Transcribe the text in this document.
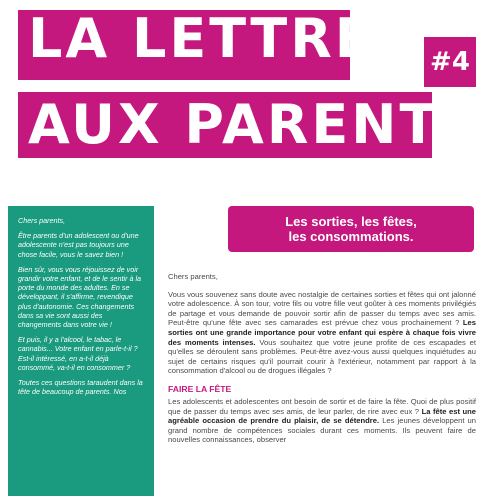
LA LETTRE
AUX PARENTS
#4

Chers parents,

Être parents d'un adolescent ou d'une adolescente n'est pas toujours une chose facile, vous le savez bien !

Bien sûr, vous vous réjouissez de voir grandir votre enfant, et de le sentir à la porte du monde des adultes. En se développant, il s'affirme, revendique plus d'autonomie. Ces changements dans sa vie sont aussi des changements dans votre vie !

Et puis, il y a l'alcool, le tabac, le cannabis... Votre enfant en parle-t-il ? Est-il intéressé, en a-t-il déjà consommé, va-t-il en consommer ?

Toutes ces questions taraudent dans la tête de beaucoup de parents. Nos

Les sorties, les fêtes,
les consommations.

Chers parents,

Vous vous souvenez sans doute avec nostalgie de certaines sorties et fêtes qui ont jalonné votre adolescence. À son tour, votre fils ou votre fille veut goûter à ces moments privilégiés de partage et vous demande de pouvoir sortir afin de passer du temps avec ses amis. Peut-être qu'une fête avec ses camarades est prévue chez vous prochainement ? Les sorties ont une grande importance pour votre enfant qui espère à chaque fois vivre des moments intenses. Vous souhaitez que votre jeune profite de ces escapades et qu'elles se déroulent sans problèmes. Peut-être avez-vous aussi quelques inquiétudes au sujet de certains risques qu'il pourrait courir à l'extérieur, notamment par rapport à la consommation d'alcool ou de drogues illégales ?

FAIRE LA FÊTE

Les adolescents et adolescentes ont besoin de sortir et de faire la fête. Quoi de plus positif que de passer du temps avec ses amis, de leur parler, de rire avec eux ? La fête est une agréable occasion de prendre du plaisir, de se détendre. Les jeunes développent un grand nombre de compétences sociales durant ces moments. Ils peuvent faire de nouvelles connaissances, observer
